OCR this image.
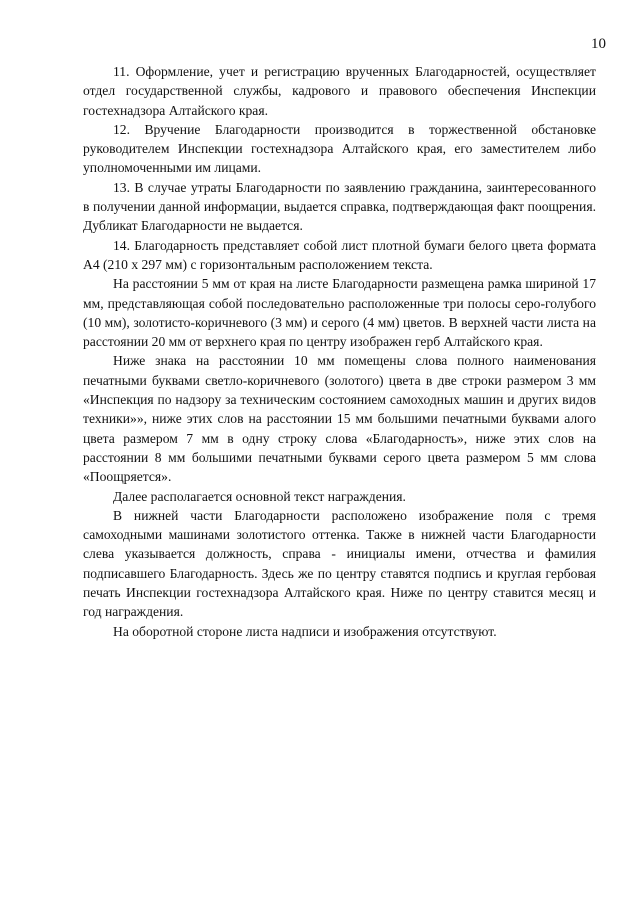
10

11. Оформление, учет и регистрацию врученных Благодарностей, осуществляет отдел государственной службы, кадрового и правового обеспечения Инспекции гостехнадзора Алтайского края.

12. Вручение Благодарности производится в торжественной обстановке руководителем Инспекции гостехнадзора Алтайского края, его заместителем либо уполномоченными им лицами.

13. В случае утраты Благодарности по заявлению гражданина, заинтересованного в получении данной информации, выдается справка, подтверждающая факт поощрения. Дубликат Благодарности не выдается.

14. Благодарность представляет собой лист плотной бумаги белого цвета формата А4 (210 x 297 мм) с горизонтальным расположением текста.

На расстоянии 5 мм от края на листе Благодарности размещена рамка шириной 17 мм, представляющая собой последовательно расположенные три полосы серо-голубого (10 мм), золотисто-коричневого (3 мм) и серого (4 мм) цветов. В верхней части листа на расстоянии 20 мм от верхнего края по центру изображен герб Алтайского края.

Ниже знака на расстоянии 10 мм помещены слова полного наименования печатными буквами светло-коричневого (золотого) цвета в две строки размером 3 мм «Инспекция по надзору за техническим состоянием самоходных машин и других видов техники»», ниже этих слов на расстоянии 15 мм большими печатными буквами алого цвета размером 7 мм в одну строку слова «Благодарность», ниже этих слов на расстоянии 8 мм большими печатными буквами серого цвета размером 5 мм слова «Поощряется».

Далее располагается основной текст награждения.

В нижней части Благодарности расположено изображение поля с тремя самоходными машинами золотистого оттенка. Также в нижней части Благодарности слева указывается должность, справа - инициалы имени, отчества и фамилия подписавшего Благодарность. Здесь же по центру ставятся подпись и круглая гербовая печать Инспекции гостехнадзора Алтайского края. Ниже по центру ставится месяц и год награждения.

На оборотной стороне листа надписи и изображения отсутствуют.
